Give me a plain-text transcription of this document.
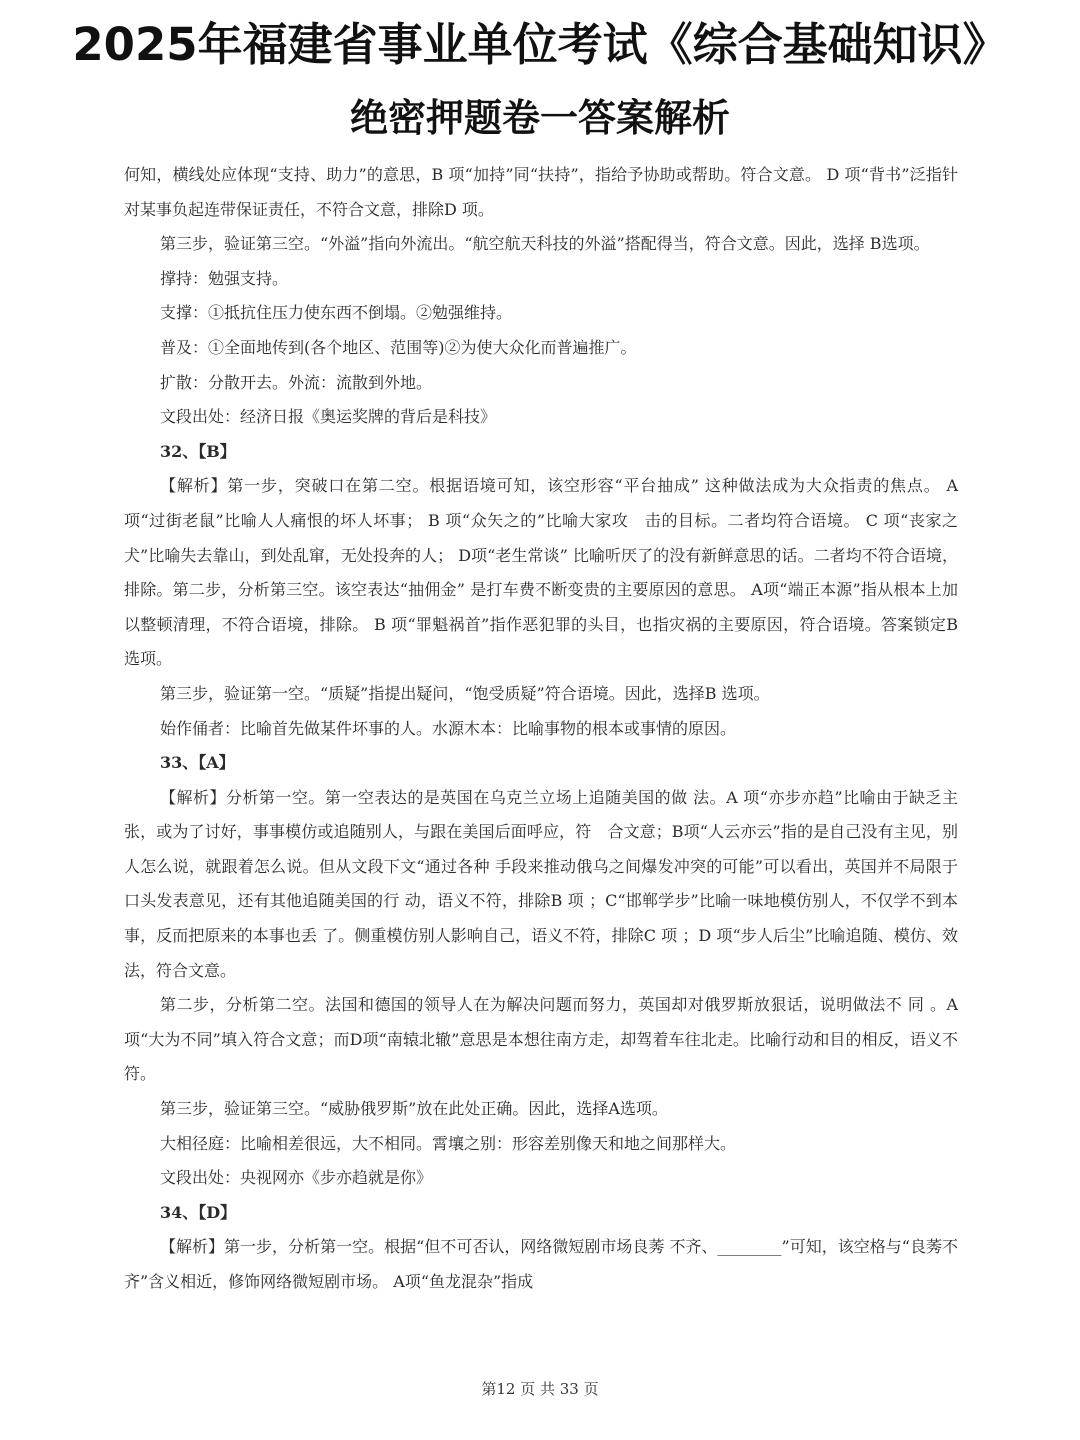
2025年福建省事业单位考试《综合基础知识》
绝密押题卷一答案解析

何知，横线处应体现“支持、助力”的意思，B 项“加持”同“扶持”，指给予协助或帮助。符合文意。 D 项“背书”泛指针对某事负起连带保证责任，不符合文意，排除D 项。

第三步，验证第三空。“外溢”指向外流出。“航空航天科技的外溢”搭配得当，符合文意。因此，选择 B选项。

撑持：勉强支持。

支撑：①抵抗住压力使东西不倒塌。②勉强维持。

普及：①全面地传到(各个地区、范围等)②为使大众化而普遍推广。

扩散：分散开去。外流：流散到外地。

文段出处：经济日报《奥运奖牌的背后是科技》

32、【B】

【解析】第一步，突破口在第二空。根据语境可知，该空形容“平台抽成” 这种做法成为大众指责的焦点。 A 项“过街老鼠”比喻人人痛恨的坏人坏事； B 项“众矢之的”比喻大家攻　击的目标。二者均符合语境。 C 项“丧家之犬”比喻失去靠山，到处乱窜，无处投奔的人； D项“老生常谈” 比喻听厌了的没有新鲜意思的话。二者均不符合语境，排除。第二步，分析第三空。该空表达“抽佣金” 是打车费不断变贵的主要原因的意思。 A项“端正本源”指从根本上加以整顿清理，不符合语境，排除。 B 项“罪魁祸首”指作恶犯罪的头目，也指灾祸的主要原因，符合语境。答案锁定B 选项。

第三步，验证第一空。“质疑”指提出疑问，“饱受质疑”符合语境。因此，选择B 选项。

始作俑者：比喻首先做某件坏事的人。水源木本：比喻事物的根本或事情的原因。

33、【A】

【解析】分析第一空。第一空表达的是英国在乌克兰立场上追随美国的做 法。A 项“亦步亦趋”比喻由于缺乏主张，或为了讨好，事事模仿或追随别人，与跟在美国后面呼应，符　合文意；B项“人云亦云”指的是自己没有主见，别人怎么说，就跟着怎么说。但从文段下文“通过各种 手段来推动俄乌之间爆发冲突的可能”可以看出，英国并不局限于口头发表意见，还有其他追随美国的行 动，语义不符，排除B 项 ；C“邯郸学步”比喻一味地模仿别人，不仅学不到本事，反而把原来的本事也丢 了。侧重模仿别人影响自己，语义不符，排除C 项 ；D 项“步人后尘”比喻追随、模仿、效法，符合文意。

第二步，分析第二空。法国和德国的领导人在为解决问题而努力，英国却对俄罗斯放狠话，说明做法不 同 。A项“大为不同”填入符合文意；而D项“南辕北辙”意思是本想往南方走，却驾着车往北走。比喻行动和目的相反，语义不符。

第三步，验证第三空。“威胁俄罗斯”放在此处正确。因此，选择A选项。

大相径庭：比喻相差很远，大不相同。霄壤之别：形容差别像天和地之间那样大。

文段出处：央视网亦《步亦趋就是你》

34、【D】

【解析】第一步，分析第一空。根据“但不可否认，网络微短剧市场良莠 不齐、________”可知，该空格与“良莠不齐”含义相近，修饰网络微短剧市场。 A项“鱼龙混杂”指成

第12 页 共 33 页
